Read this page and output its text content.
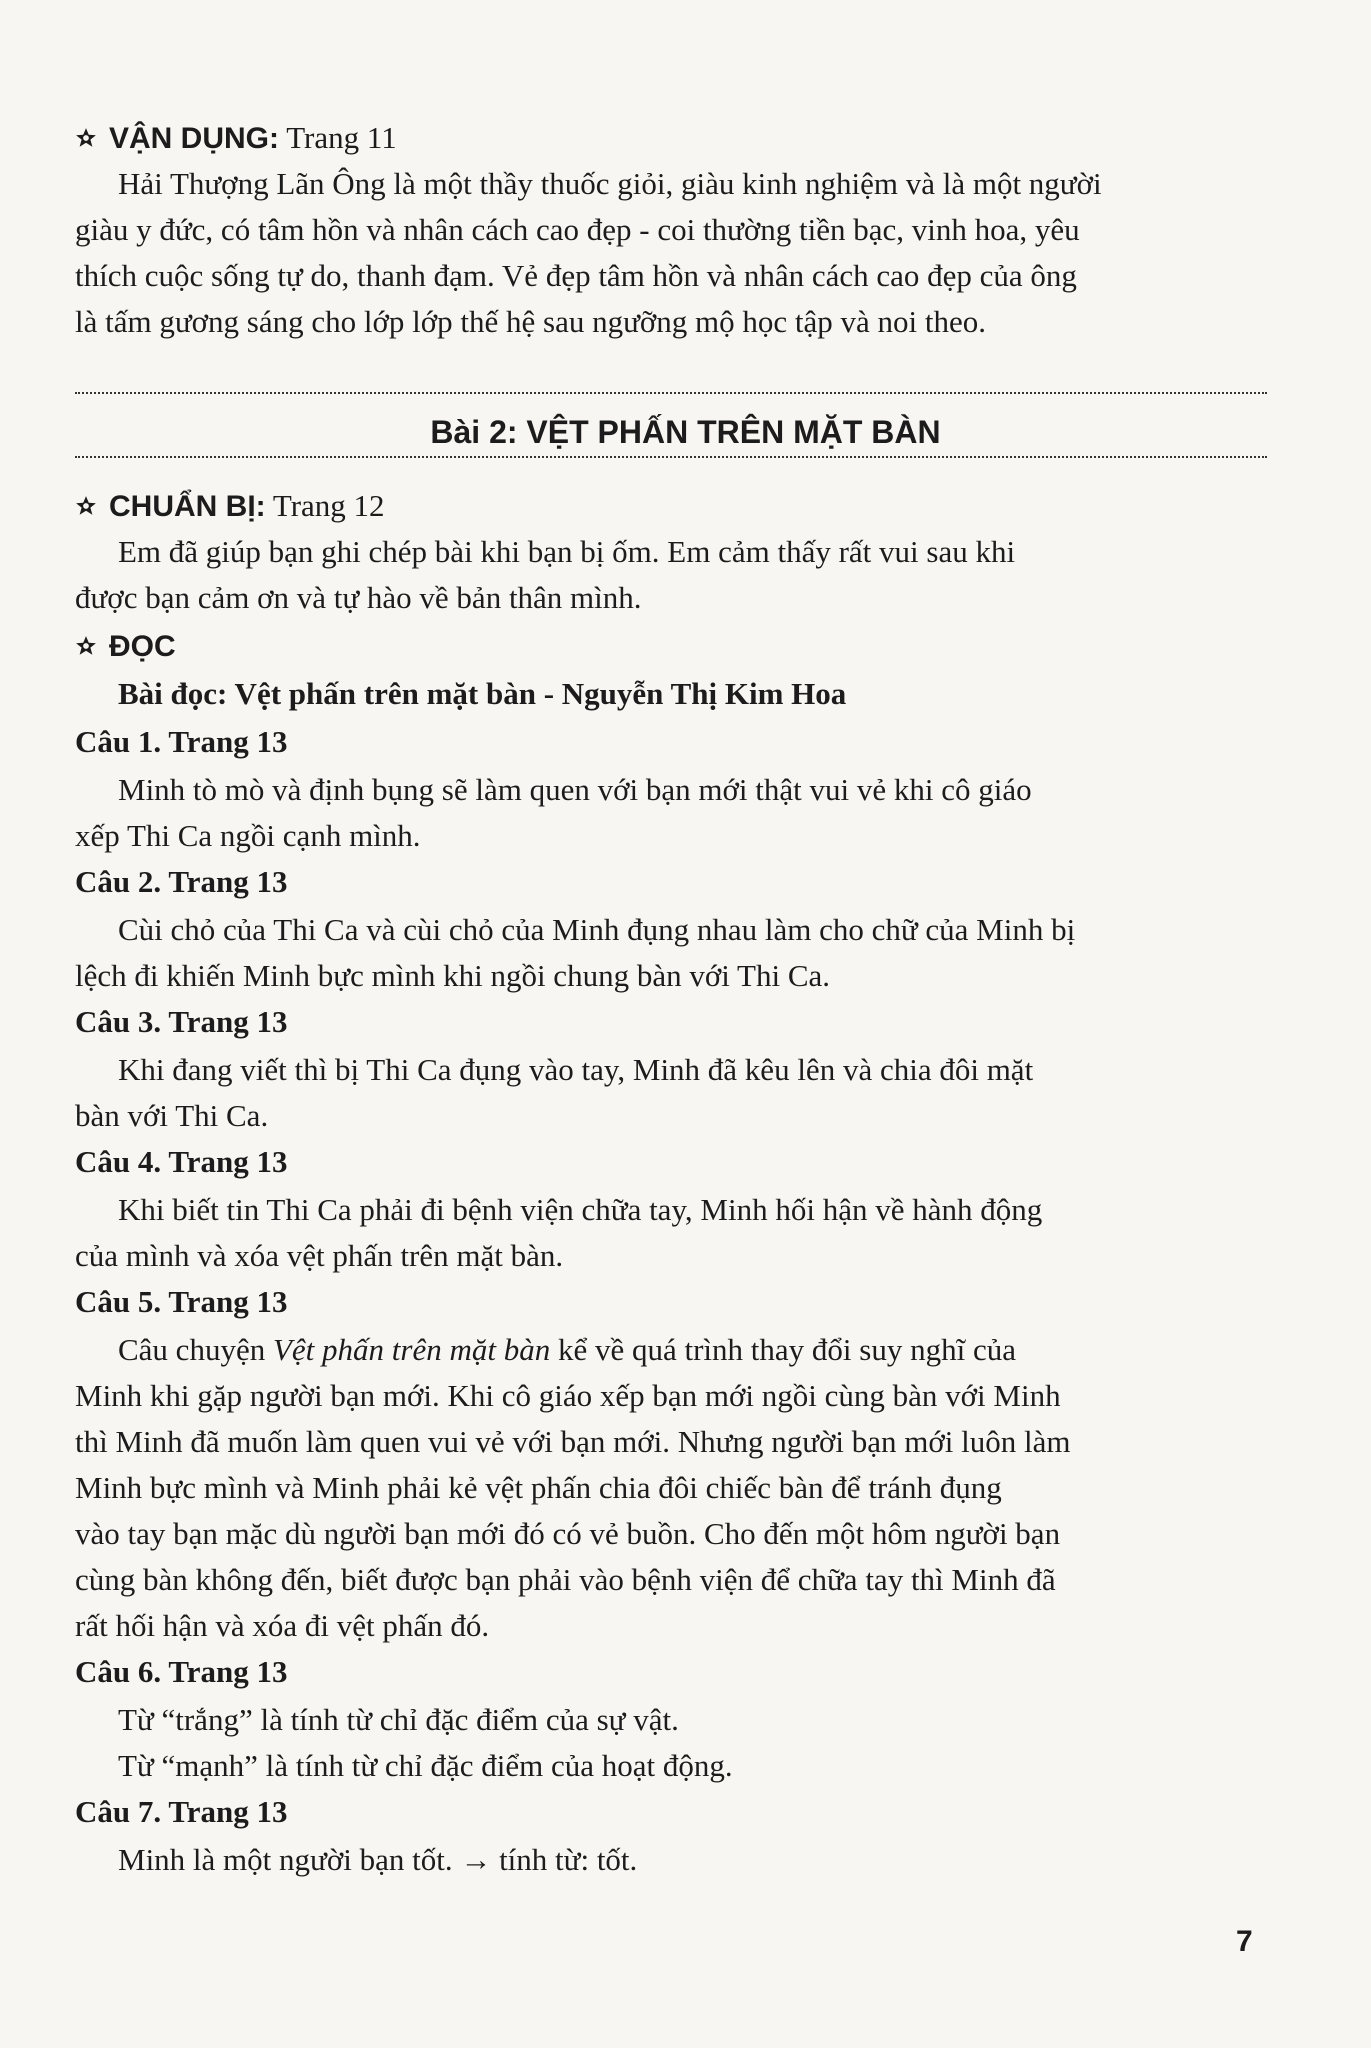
VẬN DỤNG: Trang 11
Hải Thượng Lãn Ông là một thầy thuốc giỏi, giàu kinh nghiệm và là một người
giàu y đức, có tâm hồn và nhân cách cao đẹp - coi thường tiền bạc, vinh hoa, yêu
thích cuộc sống tự do, thanh đạm. Vẻ đẹp tâm hồn và nhân cách cao đẹp của ông
là tấm gương sáng cho lớp lớp thế hệ sau ngưỡng mộ học tập và noi theo.
Bài 2: VỆT PHẤN TRÊN MẶT BÀN
CHUẨN BỊ: Trang 12
Em đã giúp bạn ghi chép bài khi bạn bị ốm. Em cảm thấy rất vui sau khi
được bạn cảm ơn và tự hào về bản thân mình.
ĐỌC
Bài đọc: Vệt phấn trên mặt bàn - Nguyễn Thị Kim Hoa
Câu 1. Trang 13
Minh tò mò và định bụng sẽ làm quen với bạn mới thật vui vẻ khi cô giáo
xếp Thi Ca ngồi cạnh mình.
Câu 2. Trang 13
Cùi chỏ của Thi Ca và cùi chỏ của Minh đụng nhau làm cho chữ của Minh bị
lệch đi khiến Minh bực mình khi ngồi chung bàn với Thi Ca.
Câu 3. Trang 13
Khi đang viết thì bị Thi Ca đụng vào tay, Minh đã kêu lên và chia đôi mặt
bàn với Thi Ca.
Câu 4. Trang 13
Khi biết tin Thi Ca phải đi bệnh viện chữa tay, Minh hối hận về hành động
của mình và xóa vệt phấn trên mặt bàn.
Câu 5. Trang 13
Câu chuyện Vệt phấn trên mặt bàn kể về quá trình thay đổi suy nghĩ của
Minh khi gặp người bạn mới. Khi cô giáo xếp bạn mới ngồi cùng bàn với Minh
thì Minh đã muốn làm quen vui vẻ với bạn mới. Nhưng người bạn mới luôn làm
Minh bực mình và Minh phải kẻ vệt phấn chia đôi chiếc bàn để tránh đụng
vào tay bạn mặc dù người bạn mới đó có vẻ buồn. Cho đến một hôm người bạn
cùng bàn không đến, biết được bạn phải vào bệnh viện để chữa tay thì Minh đã
rất hối hận và xóa đi vệt phấn đó.
Câu 6. Trang 13
Từ “trắng” là tính từ chỉ đặc điểm của sự vật.
Từ “mạnh” là tính từ chỉ đặc điểm của hoạt động.
Câu 7. Trang 13
Minh là một người bạn tốt. → tính từ: tốt.
7
